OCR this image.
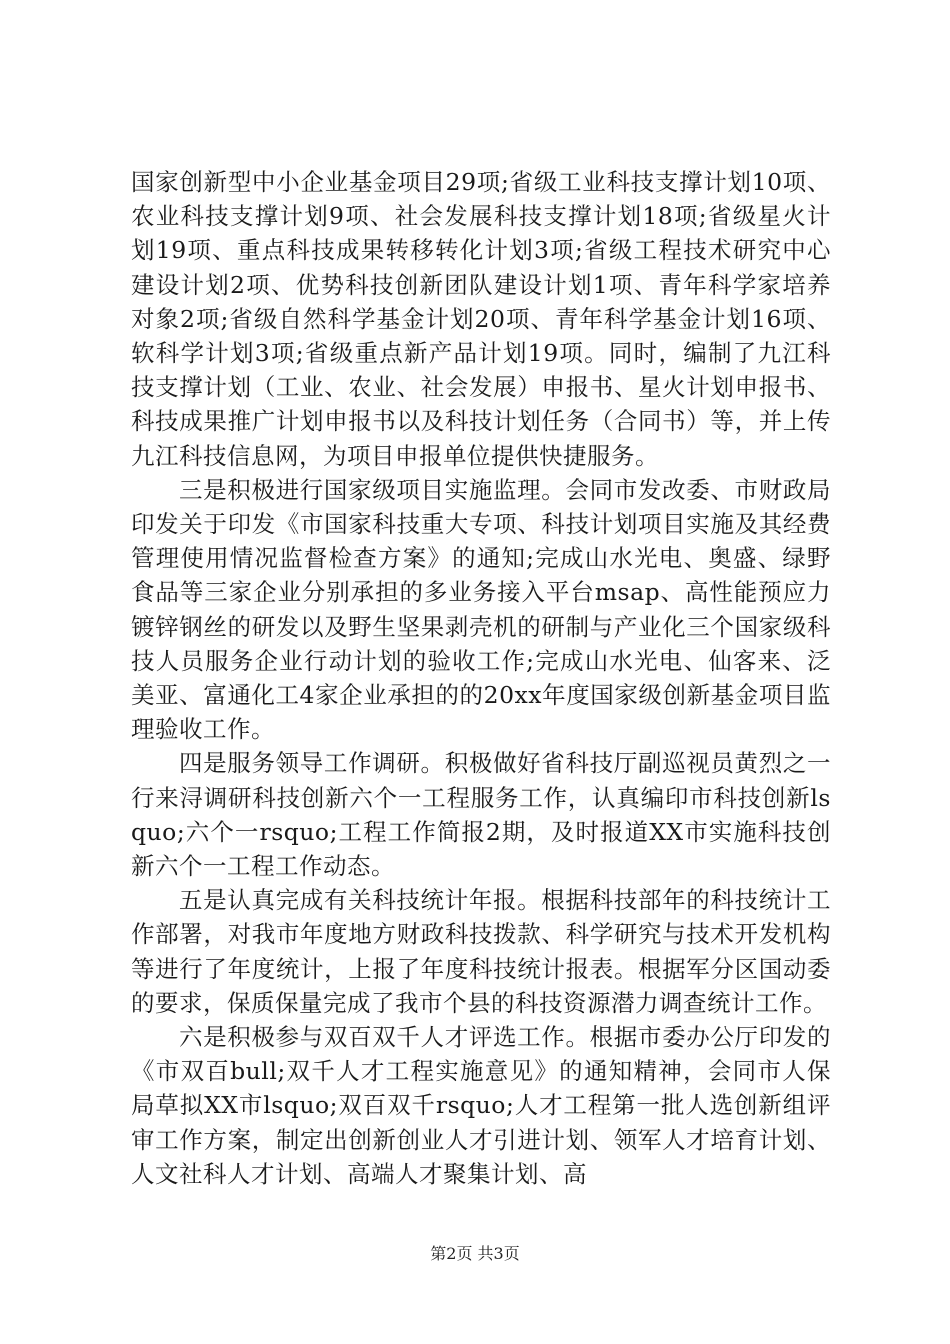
国家创新型中小企业基金项目29项;省级工业科技支撑计划10项、农业科技支撑计划9项、社会发展科技支撑计划18项;省级星火计划19项、重点科技成果转移转化计划3项;省级工程技术研究中心建设计划2项、优势科技创新团队建设计划1项、青年科学家培养对象2项;省级自然科学基金计划20项、青年科学基金计划16项、软科学计划3项;省级重点新产品计划19项。同时，编制了九江科技支撑计划（工业、农业、社会发展）申报书、星火计划申报书、科技成果推广计划申报书以及科技计划任务（合同书）等，并上传九江科技信息网，为项目申报单位提供快捷服务。

三是积极进行国家级项目实施监理。会同市发改委、市财政局印发关于印发《市国家科技重大专项、科技计划项目实施及其经费管理使用情况监督检查方案》的通知;完成山水光电、奥盛、绿野食品等三家企业分别承担的多业务接入平台msap、高性能预应力镀锌钢丝的研发以及野生坚果剥壳机的研制与产业化三个国家级科技人员服务企业行动计划的验收工作;完成山水光电、仙客来、泛美亚、富通化工4家企业承担的的20xx年度国家级创新基金项目监理验收工作。

四是服务领导工作调研。积极做好省科技厅副巡视员黄烈之一行来浔调研科技创新六个一工程服务工作，认真编印市科技创新lsquo;六个一rsquo;工程工作简报2期，及时报道XX市实施科技创新六个一工程工作动态。

五是认真完成有关科技统计年报。根据科技部年的科技统计工作部署，对我市年度地方财政科技拨款、科学研究与技术开发机构等进行了年度统计，上报了年度科技统计报表。根据军分区国动委的要求，保质保量完成了我市个县的科技资源潜力调查统计工作。

六是积极参与双百双千人才评选工作。根据市委办公厅印发的《市双百bull;双千人才工程实施意见》的通知精神，会同市人保局草拟XX市lsquo;双百双千rsquo;人才工程第一批人选创新组评审工作方案，制定出创新创业人才引进计划、领军人才培育计划、人文社科人才计划、高端人才聚集计划、高

第2页 共3页
